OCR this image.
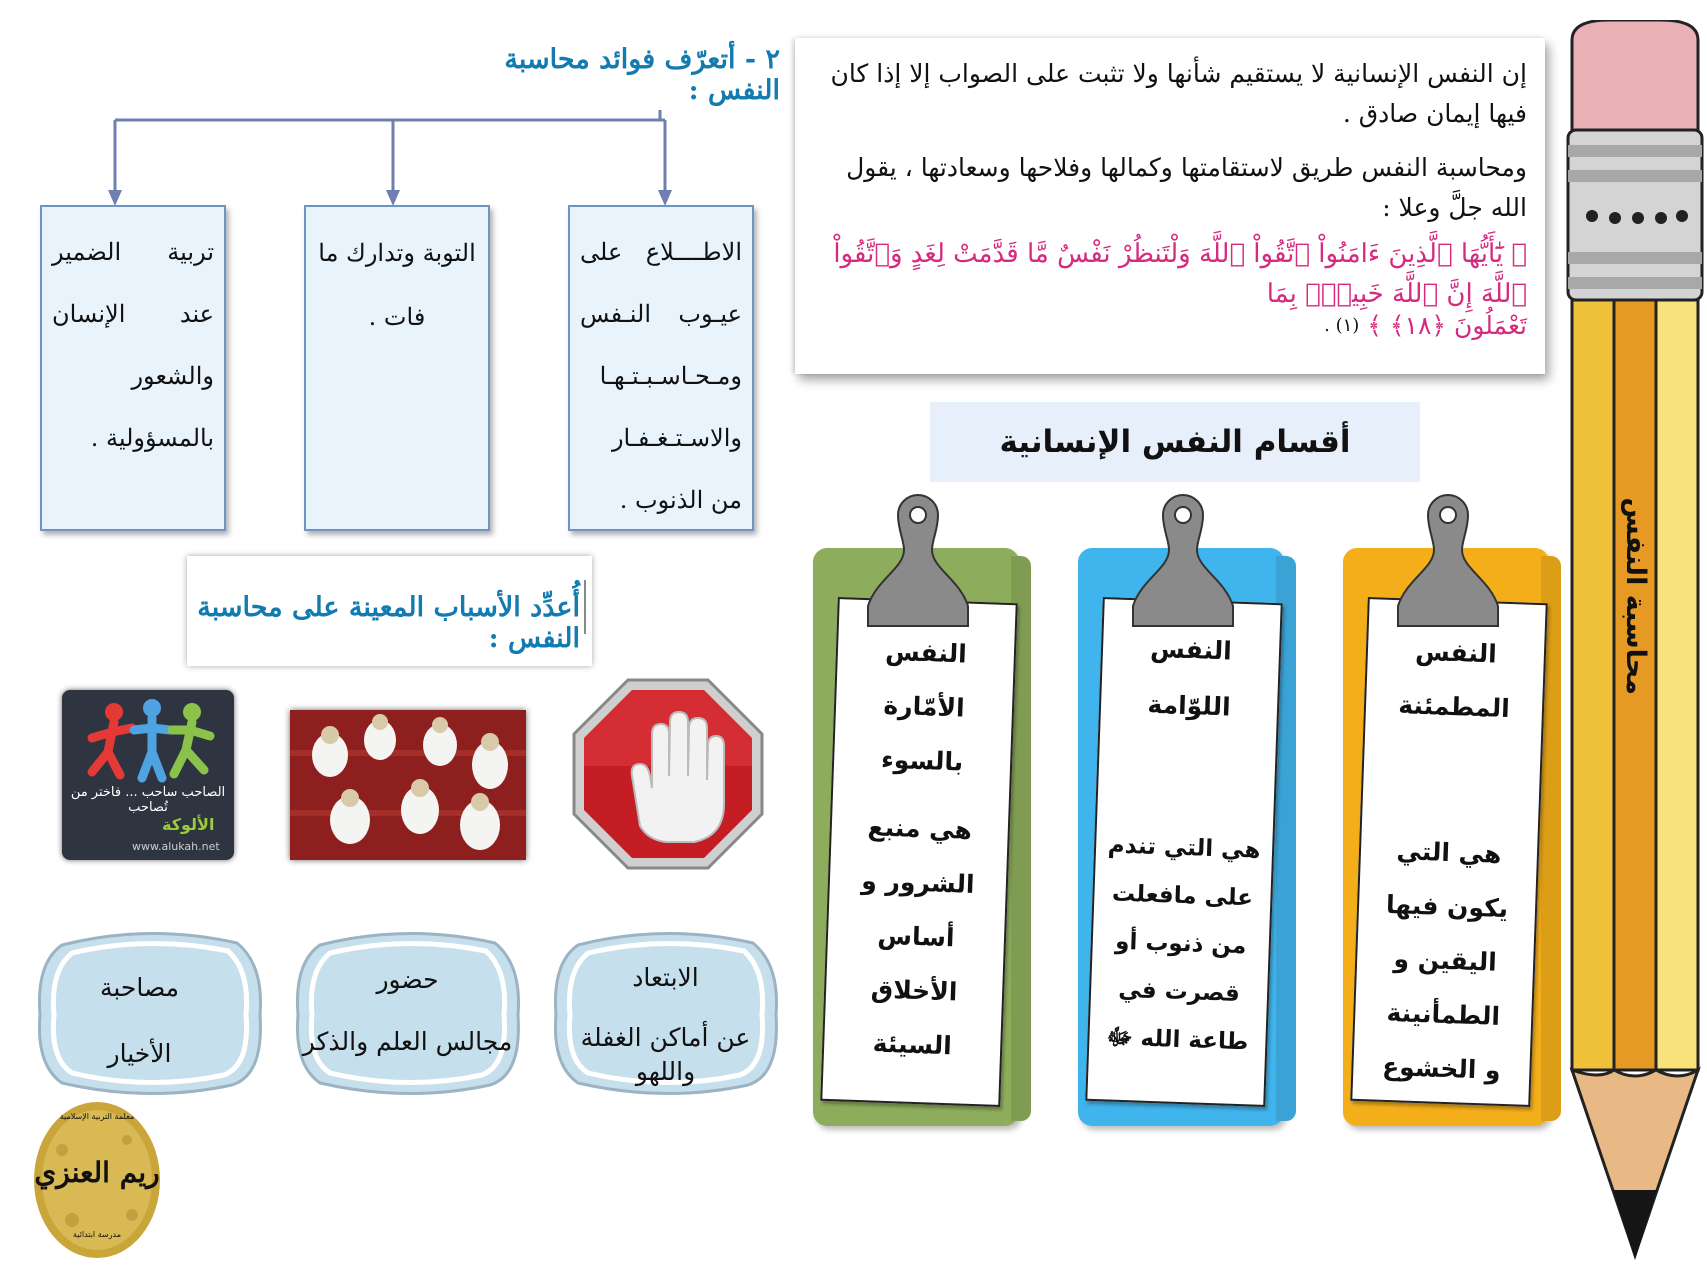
محاسبة النفس
إن النفس الإنسانية لا يستقيم شأنها ولا تثبت على الصواب إلا إذا كان فيها إيمان صادق .
ومحاسبة النفس طريق لاستقامتها وكمالها وفلاحها وسعادتها ، يقول الله جلَّ وعلا :
﴿ يَٰٓأَيُّهَا ٱلَّذِينَ ءَامَنُواْ ٱتَّقُواْ ٱللَّهَ وَلْتَنظُرْ نَفْسٌ مَّا قَدَّمَتْ لِغَدٍ وَٱتَّقُواْ ٱللَّهَ إِنَّ ٱللَّهَ خَبِيرُۢ بِمَا
تَعْمَلُونَ ﴿١٨﴾ ﴾ $^{(١) .}$
أقسام النفس الإنسانية
النفس المطمئنة
هي التي
يكون فيها
اليقين و
الطمأنينة
و الخشوع
النفس اللوّامة
هي التي تندم
على مافعلت
من ذنوب أو
قصرت في
طاعة الله ﷻ
النفس الأمّارة بالسوء
هي منبع
الشرور و
أساس
الأخلاق
السيئة
٢ - أتعرّف فوائد محاسبة النفس :
الاطــــلاع على عيـوب النـفس ومـحـاسـبـتـهـا والاسـتـغـفـار من الذنوب .
التوبة وتدارك ما فات .
تربية الضمير عند الإنسان والشعور بالمسؤولية .
أُعدِّد الأسباب المعينة على محاسبة النفس :
الصاحب ساحب ... فاختر من تُصاحب
الألوكة
www.alukah.net
الابتعاد
عن أماكن الغفلة واللهو
حضور
مجالس العلم والذكر
مصاحبة
الأخيار
معلمة التربية الإسلامية
ريم العنزي
مدرسة ابتدائية
